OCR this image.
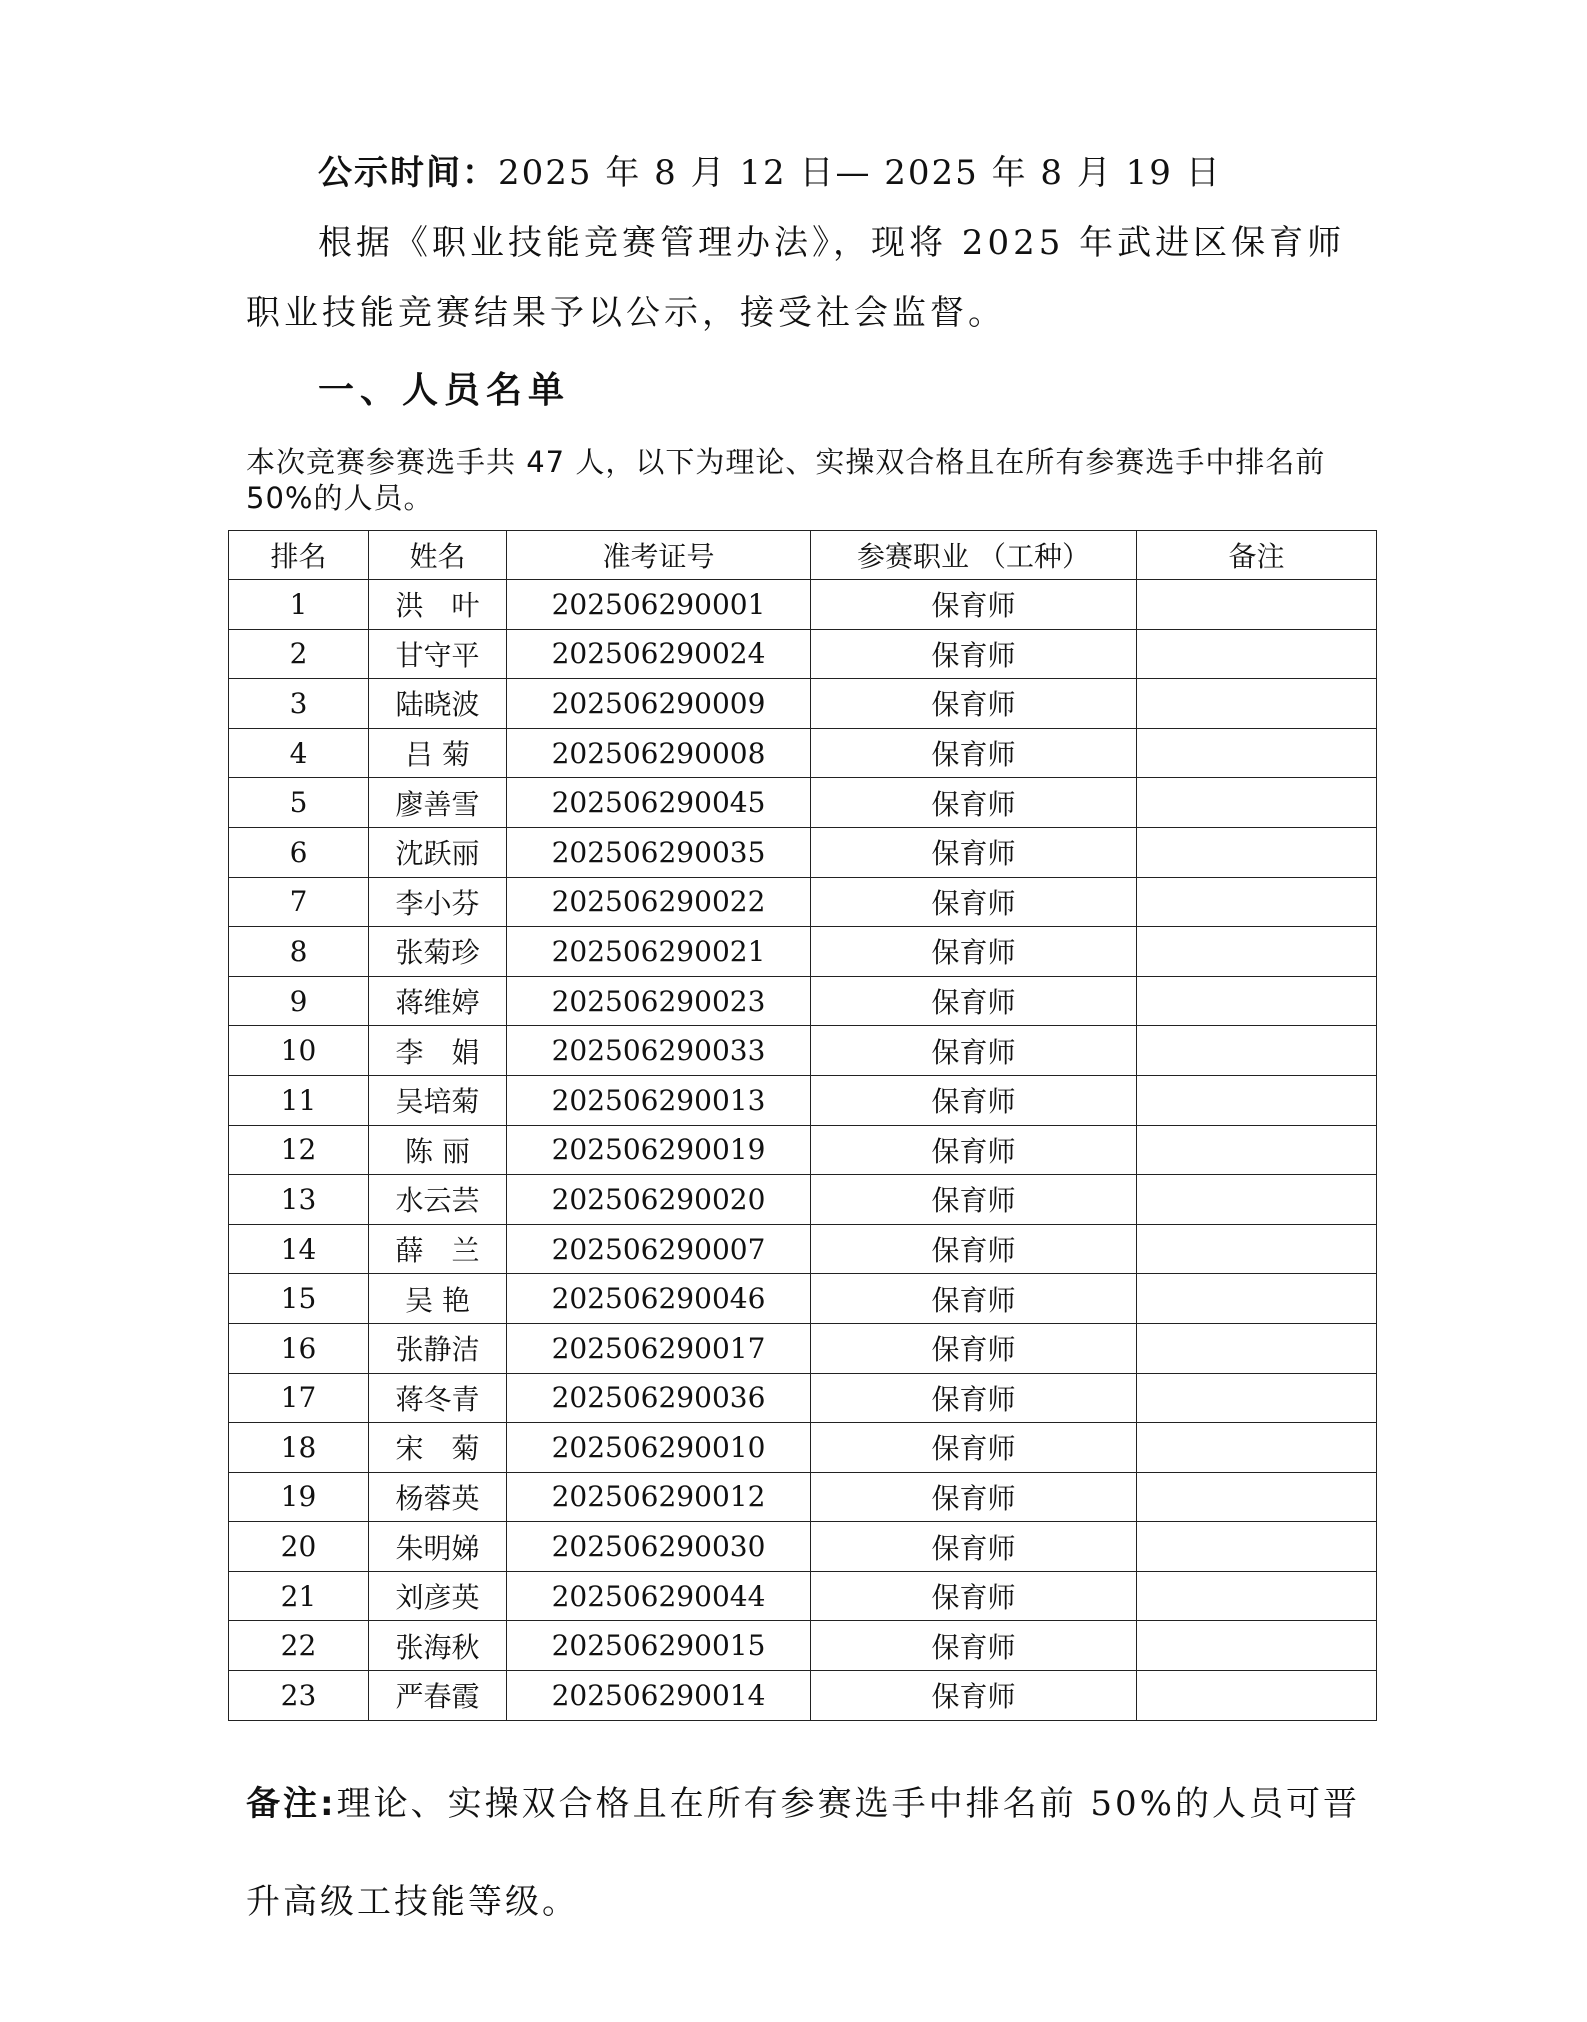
公示时间：2025 年 8 月 12 日— 2025 年 8 月 19 日
根据《职业技能竞赛管理办法》，现将 2025 年武进区保育师职业技能竞赛结果予以公示，接受社会监督。
一、人员名单
本次竞赛参赛选手共 47 人，以下为理论、实操双合格且在所有参赛选手中排名前 50%的人员。
排名	姓名	准考证号	参赛职业 （工种）	备注
1	洪　叶	202506290001	保育师	
2	甘守平	202506290024	保育师	
3	陆晓波	202506290009	保育师	
4	吕 菊	202506290008	保育师	
5	廖善雪	202506290045	保育师	
6	沈跃丽	202506290035	保育师	
7	李小芬	202506290022	保育师	
8	张菊珍	202506290021	保育师	
9	蒋维婷	202506290023	保育师	
10	李　娟	202506290033	保育师	
11	吴培菊	202506290013	保育师	
12	陈 丽	202506290019	保育师	
13	水云芸	202506290020	保育师	
14	薛　兰	202506290007	保育师	
15	吴 艳	202506290046	保育师	
16	张静洁	202506290017	保育师	
17	蒋冬青	202506290036	保育师	
18	宋　菊	202506290010	保育师	
19	杨蓉英	202506290012	保育师	
20	朱明娣	202506290030	保育师	
21	刘彦英	202506290044	保育师	
22	张海秋	202506290015	保育师	
23	严春霞	202506290014	保育师	
备注:理论、实操双合格且在所有参赛选手中排名前 50%的人员可晋升高级工技能等级。
